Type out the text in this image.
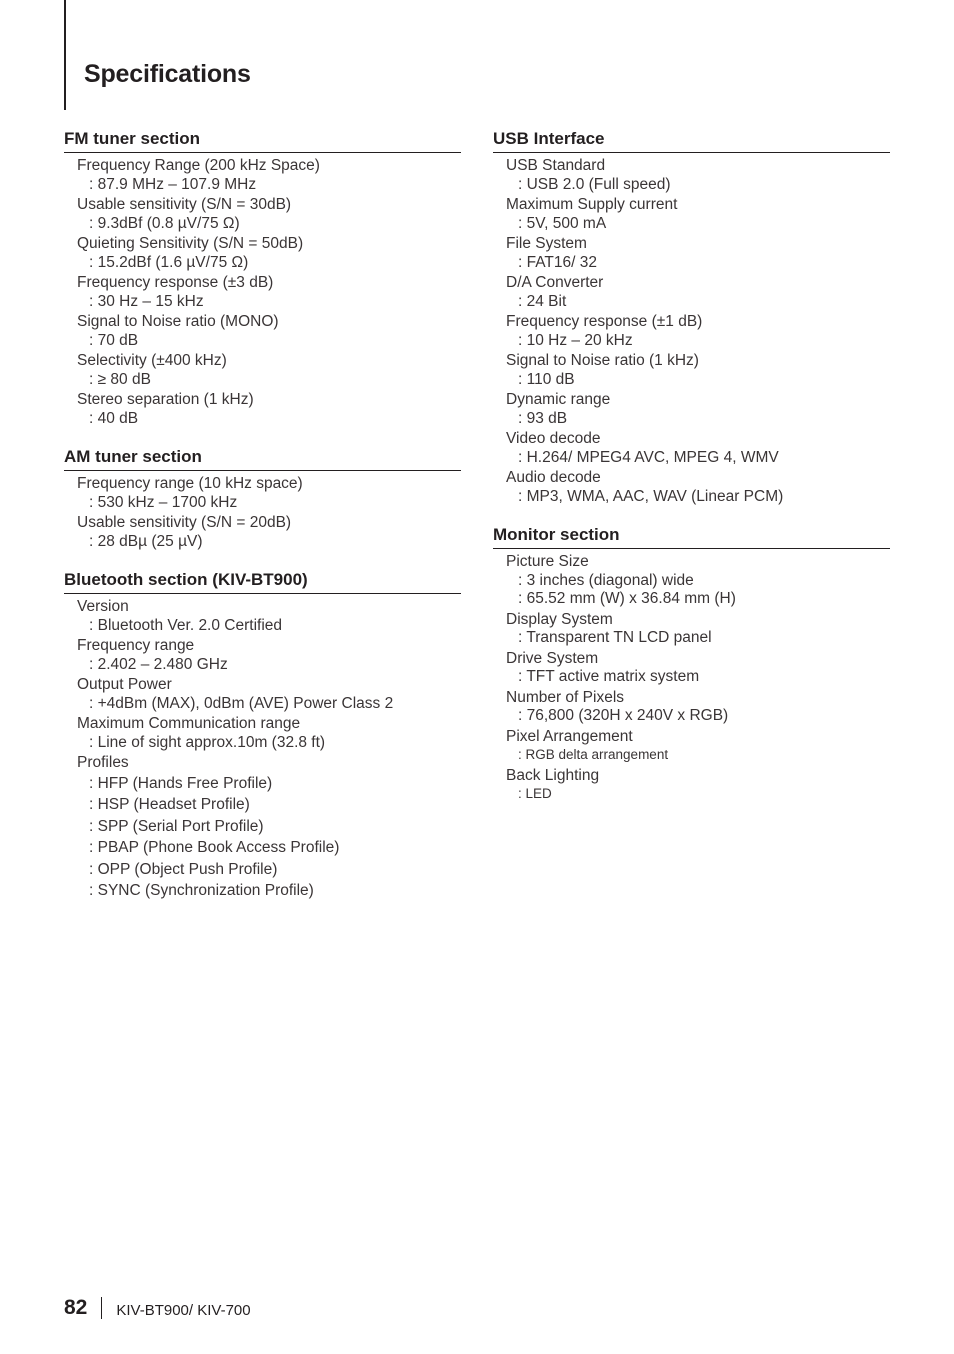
Specifications
FM tuner section
Frequency Range (200 kHz Space)
: 87.9 MHz – 107.9 MHz
Usable sensitivity (S/N = 30dB)
: 9.3dBf (0.8 µV/75 Ω)
Quieting Sensitivity (S/N = 50dB)
: 15.2dBf (1.6 µV/75 Ω)
Frequency response (±3 dB)
: 30 Hz – 15 kHz
Signal to Noise ratio (MONO)
: 70 dB
Selectivity (±400 kHz)
: ≥ 80 dB
Stereo separation (1 kHz)
: 40 dB
AM tuner section
Frequency range (10 kHz space)
: 530 kHz – 1700 kHz
Usable sensitivity (S/N = 20dB)
: 28 dBµ (25 µV)
Bluetooth section (KIV-BT900)
Version
: Bluetooth Ver. 2.0 Certified
Frequency range
: 2.402 – 2.480 GHz
Output Power
: +4dBm (MAX), 0dBm (AVE) Power Class 2
Maximum Communication range
: Line of sight approx.10m (32.8 ft)
Profiles
: HFP (Hands Free Profile)
: HSP (Headset Profile)
: SPP (Serial Port Profile)
: PBAP (Phone Book Access Profile)
: OPP (Object Push Profile)
: SYNC (Synchronization Profile)
USB Interface
USB Standard
: USB 2.0 (Full speed)
Maximum Supply current
: 5V, 500 mA
File System
: FAT16/ 32
D/A Converter
: 24 Bit
Frequency response (±1 dB)
: 10 Hz – 20 kHz
Signal to Noise ratio (1 kHz)
: 110 dB
Dynamic range
: 93 dB
Video decode
: H.264/ MPEG4 AVC, MPEG 4, WMV
Audio decode
: MP3, WMA, AAC, WAV (Linear PCM)
Monitor section
Picture Size
: 3 inches (diagonal) wide
: 65.52 mm (W) x 36.84 mm (H)
Display System
: Transparent TN LCD panel
Drive System
: TFT active matrix system
Number of Pixels
: 76,800 (320H x 240V x RGB)
Pixel Arrangement
: RGB delta arrangement
Back Lighting
: LED
82 KIV-BT900/ KIV-700
